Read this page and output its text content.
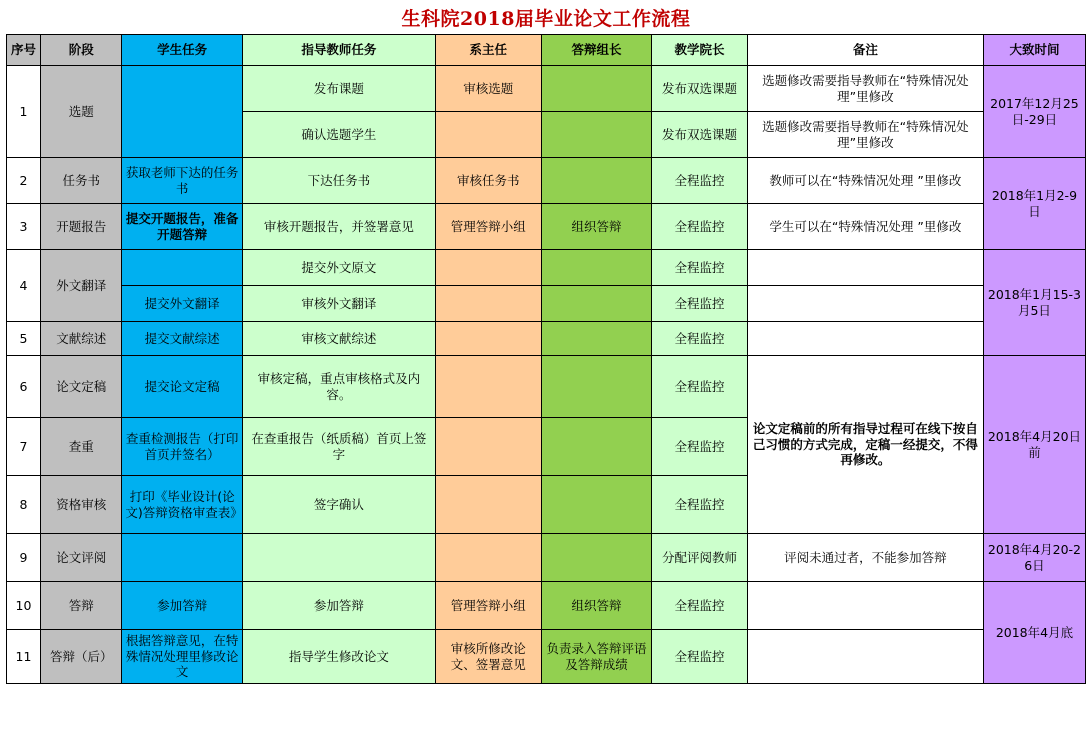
生科院2018届毕业论文工作流程
序号	阶段	学生任务	指导教师任务	系主任	答辩组长	教学院长	备注	大致时间
1	选题		发布课题	审核选题		发布双选课题	选题修改需要指导教师在“特殊情况处理”里修改	2017年12月25日-29日
			确认选题学生			发布双选课题	选题修改需要指导教师在“特殊情况处理”里修改	
2	任务书	获取老师下达的任务书	下达任务书	审核任务书		全程监控	教师可以在“特殊情况处理 ”里修改	2018年1月2-9日
3	开题报告	提交开题报告，准备开题答辩	审核开题报告，并签署意见	管理答辩小组	组织答辩	全程监控	学生可以在“特殊情况处理 ”里修改	
4	外文翻译		提交外文原文			全程监控		2018年1月15-3月5日
		提交外文翻译	审核外文翻译			全程监控		
5	文献综述	提交文献综述	审核文献综述			全程监控		
6	论文定稿	提交论文定稿	审核定稿，重点审核格式及内容。			全程监控	论文定稿前的所有指导过程可在线下按自己习惯的方式完成，定稿一经提交，不得再修改。	2018年4月20日前
7	查重	查重检测报告（打印首页并签名）	在查重报告（纸质稿）首页上签字			全程监控		
8	资格审核	打印《毕业设计(论文)答辩资格审查表》	签字确认			全程监控		
9	论文评阅					分配评阅教师	评阅未通过者，不能参加答辩	2018年4月20-26日
10	答辩	参加答辩	参加答辩	管理答辩小组	组织答辩	全程监控		2018年4月底
11	答辩（后）	根据答辩意见，在特殊情况处理里修改论文	指导学生修改论文	审核所修改论文、签署意见	负责录入答辩评语及答辩成绩	全程监控		
